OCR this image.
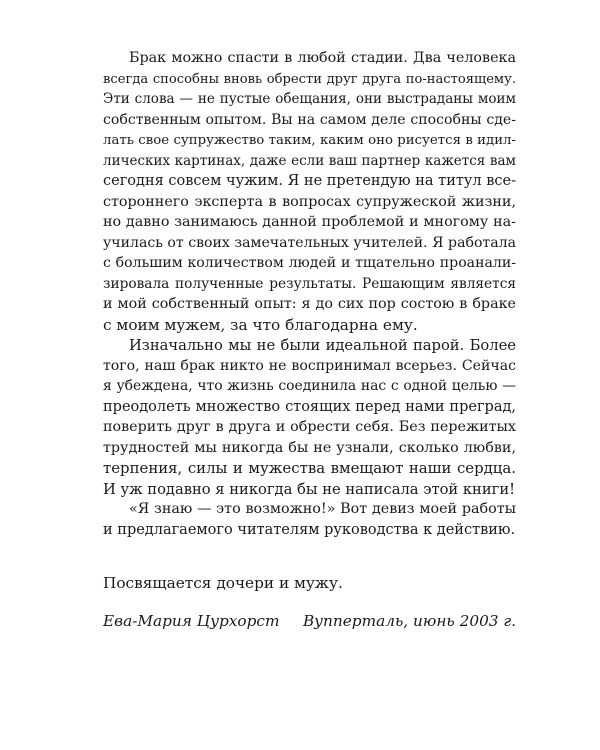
Брак можно спасти в любой стадии. Два человека

всегда способны вновь обрести друг друга по-настоящему.

Эти слова — не пустые обещания, они выстраданы моим

собственным опытом. Вы на самом деле способны сде-

лать свое супружество таким, каким оно рисуется в идил-

лических картинах, даже если ваш партнер кажется вам

сегодня совсем чужим. Я не претендую на титул все-

стороннего эксперта в вопросах супружеской жизни,

но давно занимаюсь данной проблемой и многому на-

училась от своих замечательных учителей. Я работала

с большим количеством людей и тщательно проанали-

зировала полученные результаты. Решающим является

и мой собственный опыт: я до сих пор состою в браке

с моим мужем, за что благодарна ему.

Изначально мы не были идеальной парой. Более

того, наш брак никто не воспринимал всерьез. Сейчас

я убеждена, что жизнь соединила нас с одной целью —

преодолеть множество стоящих перед нами преград,

поверить друг в друга и обрести себя. Без пережитых

трудностей мы никогда бы не узнали, сколько любви,

терпения, силы и мужества вмещают наши сердца.

И уж подавно я никогда бы не написала этой книги!

«Я знаю — это возможно!» Вот девиз моей работы

и предлагаемого читателям руководства к действию.

Посвящается дочери и мужу.

Ева-Мария Цурхорст Вупперталь, июнь 2003 г.
